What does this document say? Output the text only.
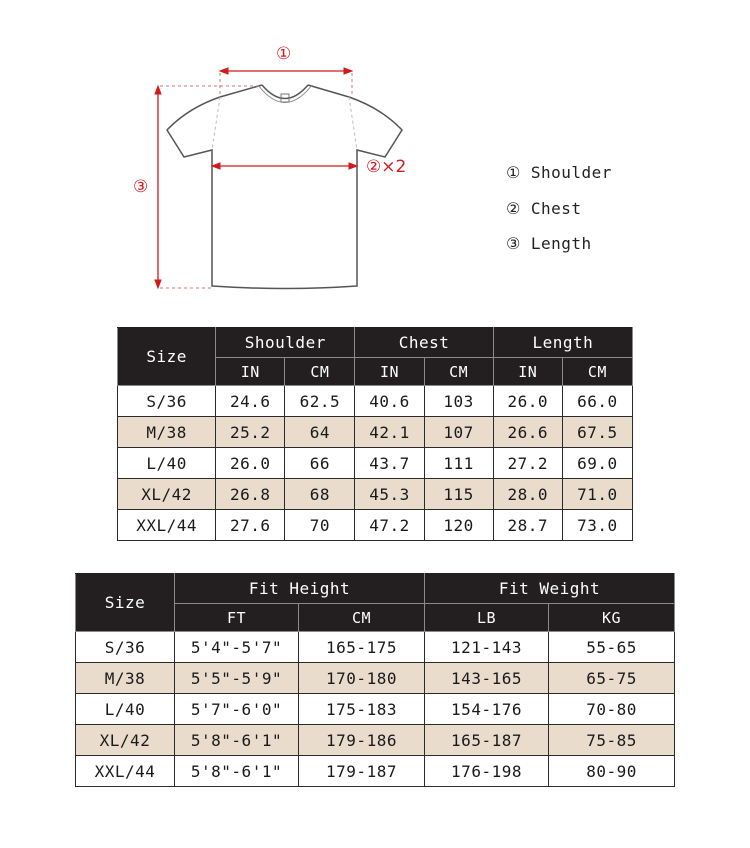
①
②×2
③
① Shoulder
② Chest
③ Length
Size	Shoulder		Chest		Length	
	IN	CM	IN	CM	IN	CM
S/36	24.6	62.5	40.6	103	26.0	66.0
M/38	25.2	64	42.1	107	26.6	67.5
L/40	26.0	66	43.7	111	27.2	69.0
XL/42	26.8	68	45.3	115	28.0	71.0
XXL/44	27.6	70	47.2	120	28.7	73.0
Size	Fit Height		Fit Weight	
	FT	CM	LB	KG
S/36	5'4"-5'7"	165-175	121-143	55-65
M/38	5'5"-5'9"	170-180	143-165	65-75
L/40	5'7"-6'0"	175-183	154-176	70-80
XL/42	5'8"-6'1"	179-186	165-187	75-85
XXL/44	5'8"-6'1"	179-187	176-198	80-90
